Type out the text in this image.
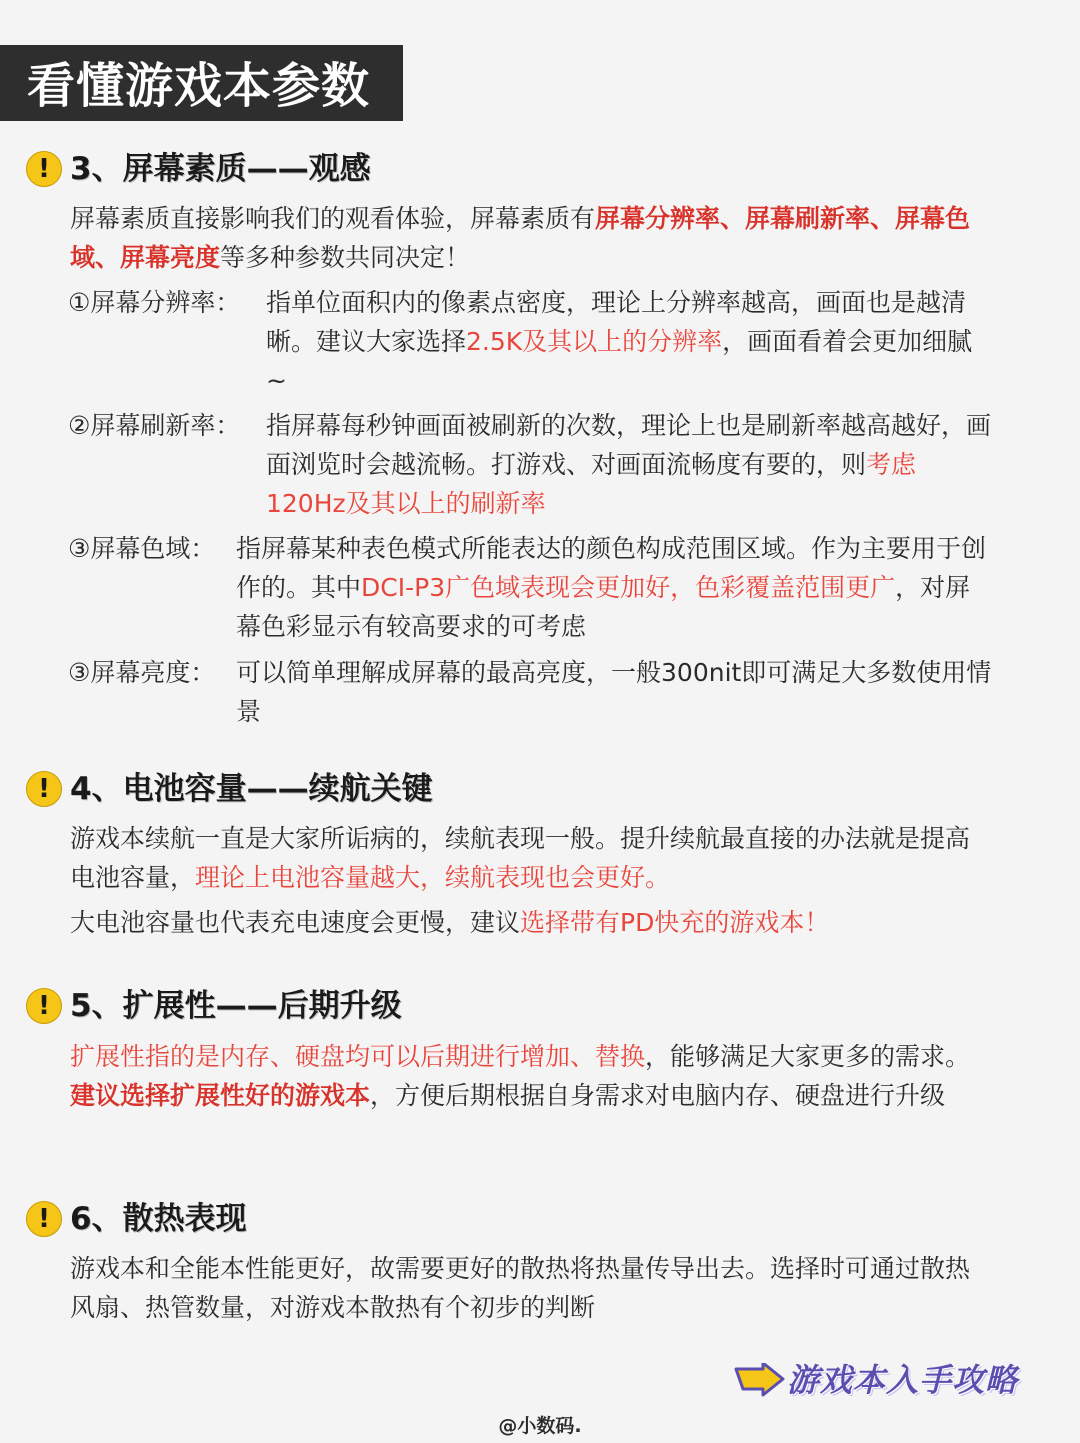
看懂游戏本参数
! 3、屏幕素质——观感
屏幕素质直接影响我们的观看体验，屏幕素质有屏幕分辨率、屏幕刷新率、屏幕色域、屏幕亮度等多种参数共同决定！
①屏幕分辨率： 指单位面积内的像素点密度，理论上分辨率越高，画面也是越清晰。建议大家选择2.5K及其以上的分辨率，画面看着会更加细腻~
②屏幕刷新率： 指屏幕每秒钟画面被刷新的次数，理论上也是刷新率越高越好，画面浏览时会越流畅。打游戏、对画面流畅度有要的，则考虑120Hz及其以上的刷新率
③屏幕色域： 指屏幕某种表色模式所能表达的颜色构成范围区域。作为主要用于创作的。其中DCI-P3广色域表现会更加好，色彩覆盖范围更广，对屏幕色彩显示有较高要求的可考虑
③屏幕亮度： 可以简单理解成屏幕的最高亮度，一般300nit即可满足大多数使用情景
! 4、电池容量——续航关键
游戏本续航一直是大家所诟病的，续航表现一般。提升续航最直接的办法就是提高电池容量，理论上电池容量越大，续航表现也会更好。
大电池容量也代表充电速度会更慢，建议选择带有PD快充的游戏本！
! 5、扩展性——后期升级
扩展性指的是内存、硬盘均可以后期进行增加、替换，能够满足大家更多的需求。建议选择扩展性好的游戏本，方便后期根据自身需求对电脑内存、硬盘进行升级
! 6、散热表现
游戏本和全能本性能更好，故需要更好的散热将热量传导出去。选择时可通过散热风扇、热管数量，对游戏本散热有个初步的判断
游戏本入手攻略
@小数码.
